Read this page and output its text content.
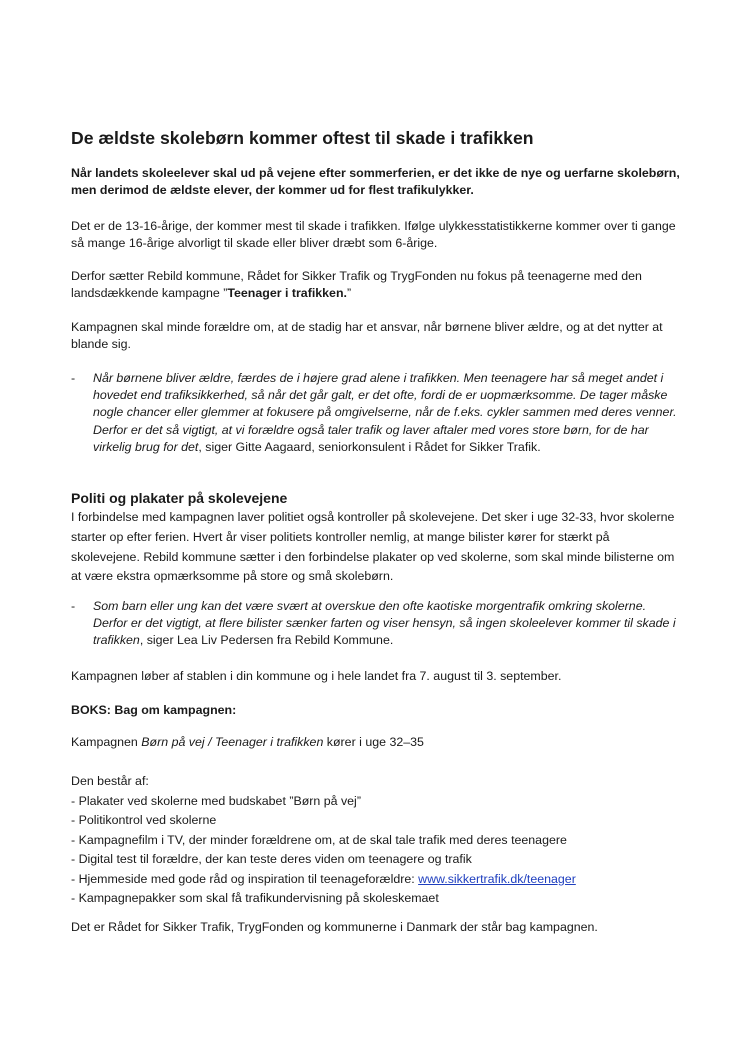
De ældste skolebørn kommer oftest til skade i trafikken

Når landets skoleelever skal ud på vejene efter sommerferien, er det ikke de nye og uerfarne skolebørn, men derimod de ældste elever, der kommer ud for flest trafikulykker.

Det er de 13-16-årige, der kommer mest til skade i trafikken. Ifølge ulykkesstatistikkerne kommer over ti gange så mange 16-årige alvorligt til skade eller bliver dræbt som 6-årige.

Derfor sætter Rebild kommune, Rådet for Sikker Trafik og TrygFonden nu fokus på teenagerne med den landsdækkende kampagne ”Teenager i trafikken.”

Kampagnen skal minde forældre om, at de stadig har et ansvar, når børnene bliver ældre, og at det nytter at blande sig.

- Når børnene bliver ældre, færdes de i højere grad alene i trafikken. Men teenagere har så meget andet i hovedet end trafiksikkerhed, så når det går galt, er det ofte, fordi de er uopmærksomme. De tager måske nogle chancer eller glemmer at fokusere på omgivelserne, når de f.eks. cykler sammen med deres venner. Derfor er det så vigtigt, at vi forældre også taler trafik og laver aftaler med vores store børn, for de har virkelig brug for det, siger Gitte Aagaard, seniorkonsulent i Rådet for Sikker Trafik.

Politi og plakater på skolevejene

I forbindelse med kampagnen laver politiet også kontroller på skolevejene. Det sker i uge 32-33, hvor skolerne starter op efter ferien. Hvert år viser politiets kontroller nemlig, at mange bilister kører for stærkt på skolevejene. Rebild kommune sætter i den forbindelse plakater op ved skolerne, som skal minde bilisterne om at være ekstra opmærksomme på store og små skolebørn.

- Som barn eller ung kan det være svært at overskue den ofte kaotiske morgentrafik omkring skolerne. Derfor er det vigtigt, at flere bilister sænker farten og viser hensyn, så ingen skoleelever kommer til skade i trafikken, siger Lea Liv Pedersen fra Rebild Kommune.

Kampagnen løber af stablen i din kommune og i hele landet fra 7. august til 3. september.

BOKS: Bag om kampagnen:

Kampagnen Børn på vej / Teenager i trafikken kører i uge 32–35

Den består af:

- Plakater ved skolerne med budskabet ”Børn på vej”
- Politikontrol ved skolerne
- Kampagnefilm i TV, der minder forældrene om, at de skal tale trafik med deres teenagere
- Digital test til forældre, der kan teste deres viden om teenagere og trafik
- Hjemmeside med gode råd og inspiration til teenageforældre: www.sikkertrafik.dk/teenager
- Kampagnepakker som skal få trafikundervisning på skoleskemaet

Det er Rådet for Sikker Trafik, TrygFonden og kommunerne i Danmark der står bag kampagnen.
